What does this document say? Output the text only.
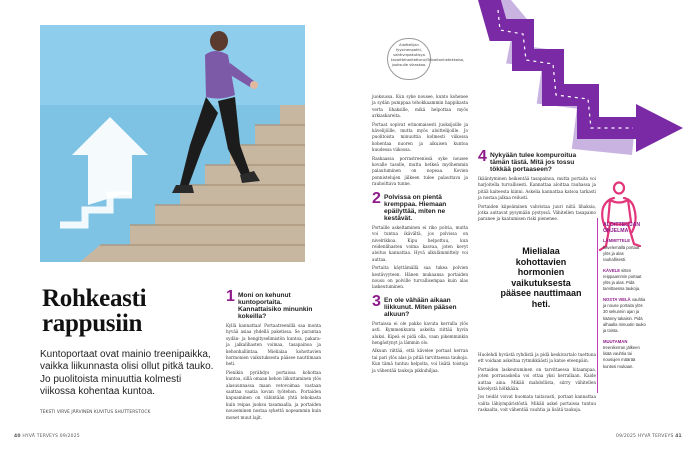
Rohkeasti
rappusiin
Kuntoportaat ovat mainio treenipaikka, vaikka liikunnasta olisi ollut pitkä tauko. Jo puolitoista minuuttia kolmesti viikossa kohentaa kuntoa.
TEKSTI VIRVE JÄRVINEN KUVITUS SHUTTERSTOCK
40 HYVÄ TERVEYS 09/2025
1 Moni on kehunut kuntoportaita. Kannattaisiko minunkin kokeilla?

Kyllä kannattaa! Portaatreenillä saa monta hyvää asiaa yhdellä paketissa. Se parantaa sydän- ja hengityselimistön kuntoa, pakara- ja jalkalihasten voimaa, tasapainoa ja kehonhallintaa. Mielialaa kohottavien hormonien vaikutuksesta pääsee nauttimaan heti.

Pienikin pyrähdys portaissa kohottaa kuntoa, sillä omaan kehon liikuttaminen ylös alasuunnassa maan vetovoimaa vastaan saattaa vaatia kovan työtehon. Portaiden kapuaminen on vähintään yhtä tehokasta kuin reipas juoksu tasamaalla, ja portaiden nouseminen nostaa sykettä nopeammin kuin monet muut lajit.

Aloittelijan fyysinenpahti, vahtivirpakutisya tavoittehantettunoiTalvaltanhetekkaiso, juoksulle vikaskoo.

juoksussa. Kun syke nousee, kunto kohenee ja sydän pumppaa tehokkaammin happikasta verta lihaksille, mikä helpottaa myös arkiaskareita.

Portaat sopivat erinomaisesti juoksijoille ja kävelijöille, mutta myös aloittelijoille. Jo puolitoista minuuttia kolmesti viikossa kohentaa nuoren ja aikuisen kuntoa kuudessa viikossa.

Raskaassa porrastreenissä syke nousee kovalle tasolle, mutta hetkeä myöhemmin palautuminen on nopeaa. Kovien ponnistelujen jälkeen tulee palauttava ja rauhoittava tunne.

2 Polvissa on pientä kremppaa. Hiemaan epäilyttää, miten ne kestävät.

Portaille askeltaminen ei riko polvia, mutta voi tuntua ikävältä, jos polvissa on nivelrikkoa. Kipu helpottuu, kun reidenlihasten voima kasvaa, joten kevyt aloitus kannattaa. Hyvä alkulämmittely voi auttaa.

Portaita käyttämällä saa tukea polvien kestävyyteen. Hänen mukaansa portaiden nousu on polville turvallisempaa kuin alas laskeutuminen.

3 En ole vähään aikaan liikkunut. Miten pääsen alkuun?

Portaissa ei ole pakko kavuta kerralla ylös asti. Kymmenkunta askelta riittää hyvin aluksi. Kipeä ei pidä olla, vaan pikemminkin hengästynyt ja lämmin olo.

Alkuun riittää, että kävelee portaat kerran tai pari ylös alas ja pitää tarvittaessa taukoja. Kun tämä tuntuu helpolta, voi lisätä toistoja ja vähentää taukoja pikkuhiljaa.

4 Nykyään tulee kompuroitua tämän tästä. Mitä jos tossu tökkää portaaseen?

Ikääntyminen heikentää tasapainoa, mutta portaita voi harjoitella turvallisesti. Kannattaa aloittaa rauhassa ja pitää kaiteesta kiinni. Askelia kannattaa katsoa tarkasti ja nostaa jalkaa reilusti.

Portaiden kiipeäminen vahvistaa juuri niitä lihaksia, jotka auttavat pysymään pystyssä. Vähitellen tasapaino paranee ja kaatumisen riski pienenee.

Mielialaa kohottavien hormonien vaikutuksesta pääsee nauttimaan heti.

Huolehdi hyvästä ryhdistä ja pidä keskivartalo tuettuna ett voidaan askeltaa rytmikkäästi ja katse eteenpäin.

Portaiden laskeutuminen on tarvittaessa hitaampaa, joten porrasaskelia voi ottaa yksi kerrallaan. Kaide auttaa aina. Mikäli mahdollista, siirry vähitellen kävelystä hölkkään.

Jos teidät voivat huomata taitavasti, portaat kannattaa valita lähiympäristöstä. Mikäli askel portaissa tuntuu raskaalta, voit vähentää vauhtia ja lisätä taukoja.

ALOITTELIJAN OHJELMA
LÄMMITTELE kävelemällä portaat ylös ja alas rauhallisesti.
KÄVELE sitten reippaammin portaat ylös ja alas. Pidä tarvittaessa taukoja.
NOSTA VIELÄ vauhtia ja nouse portaita ylös 30 sekunnin ajan ja käänny takaisin. Pidä alhaalla minuutin tauko ja toista.
MUUTAMAN treenikerran jälkeen lisää vauhtia tai nousujen määrää kuntosi mukaan.
09/2025 HYVÄ TERVEYS 41
